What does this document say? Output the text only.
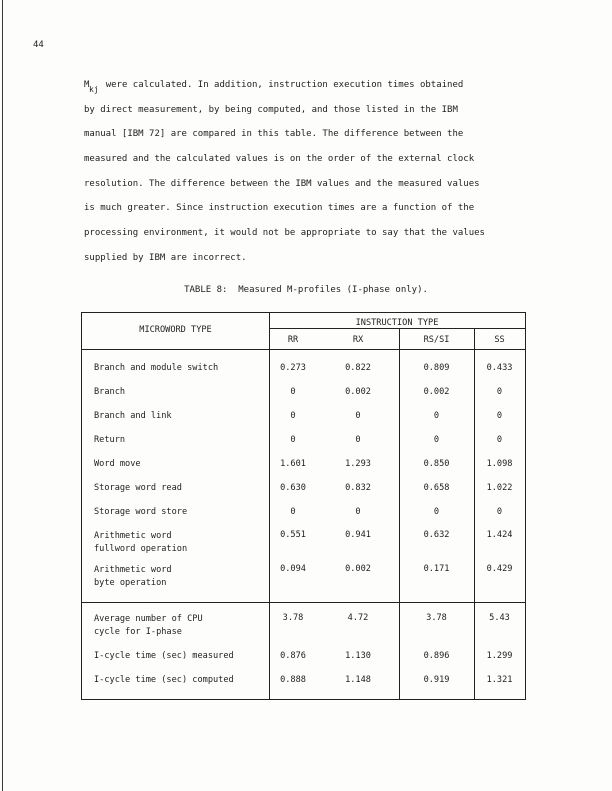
44
M kj were calculated. In addition, instruction execution times obtained
by direct measurement, by being computed, and those listed in the IBM
manual [IBM 72] are compared in this table. The difference between the
measured and the calculated values is on the order of the external clock
resolution. The difference between the IBM values and the measured values
is much greater. Since instruction execution times are a function of the
processing environment, it would not be appropriate to say that the values
supplied by IBM are incorrect.
TABLE 8:  Measured M-profiles (I-phase only).
MICROWORD TYPE
INSTRUCTION TYPE
RR	RX	RS/SI	SS
Branch and module switch	0.273	0.822	0.809	0.433
Branch	0	0.002	0.002	0
Branch and link	0	0	0	0
Return	0	0	0	0
Word move	1.601	1.293	0.850	1.098
Storage word read	0.630	0.832	0.658	1.022
Storage word store	0	0	0	0
Arithmetic word
fullword operation
0.551	0.941	0.632	1.424
Arithmetic word
byte operation
0.094	0.002	0.171	0.429
Average number of CPU
cycle for I-phase
3.78	4.72	3.78	5.43
I-cycle time (sec) measured	0.876	1.130	0.896	1.299
I-cycle time (sec) computed	0.888	1.148	0.919	1.321
